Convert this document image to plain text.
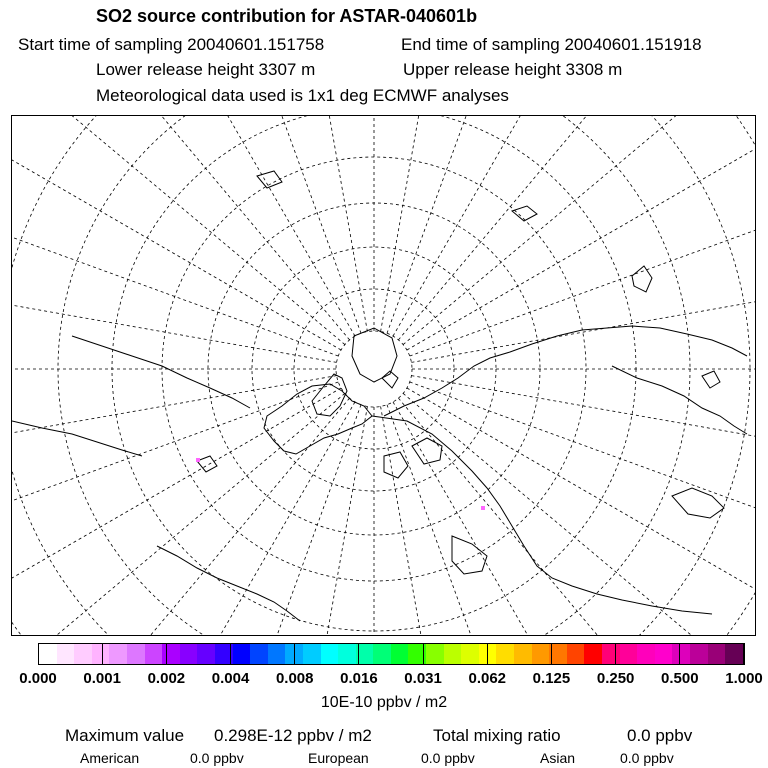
SO2 source contribution for ASTAR-040601b
Start time of sampling 20040601.151758	End time of sampling 20040601.151918
Lower release height 3307 m	Upper release height 3308 m
Meteorological data used is 1x1 deg ECMWF analyses
0.000 0.001 0.002 0.004 0.008 0.016 0.031 0.062 0.125 0.250 0.500 1.000
10E-10 ppbv / m2
Maximum value 0.298E-12 ppbv / m2	Total mixing ratio	0.0 ppbv
American	0.0 ppbv	European	0.0 ppbv	Asian	0.0 ppbv
